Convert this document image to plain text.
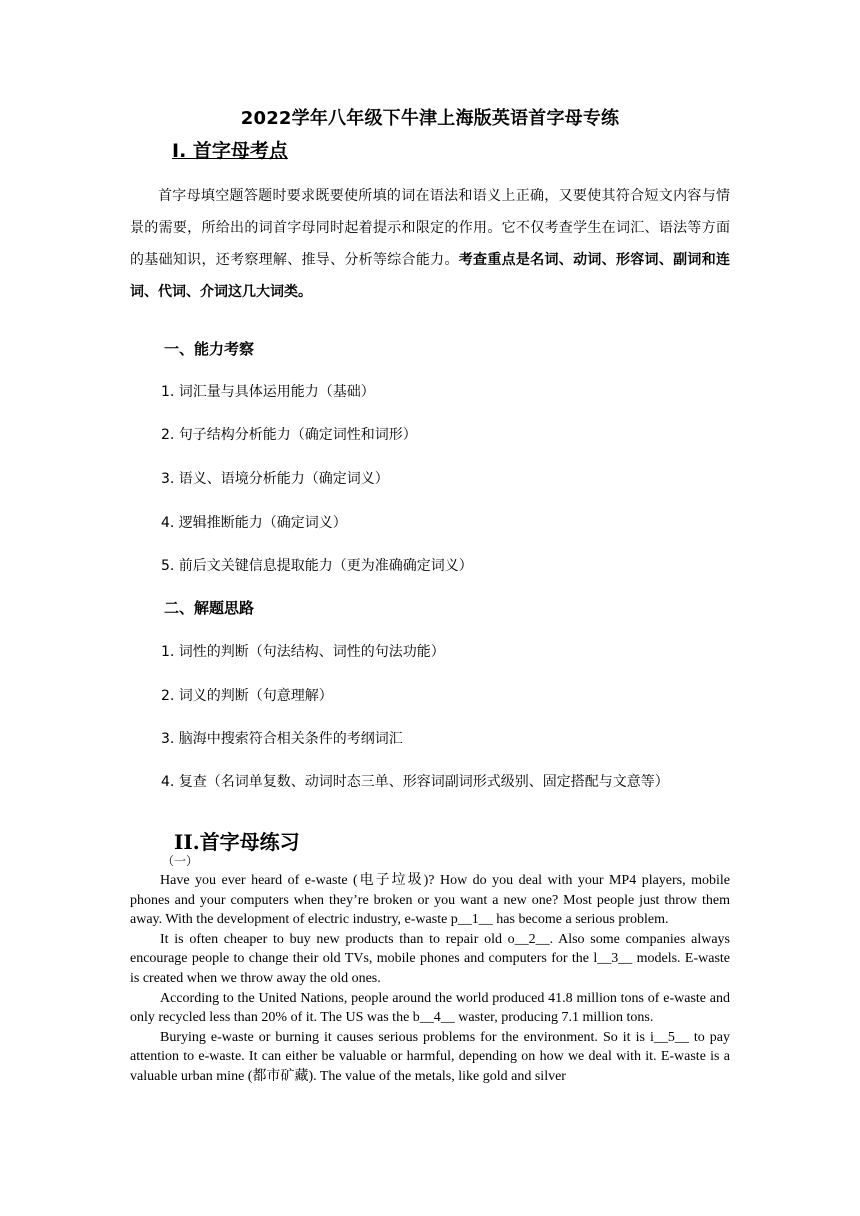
2022学年八年级下牛津上海版英语首字母专练
I. 首字母考点
首字母填空题答题时要求既要使所填的词在语法和语义上正确，又要使其符合短文内容与情景的需要，所给出的词首字母同时起着提示和限定的作用。它不仅考查学生在词汇、语法等方面的基础知识，还考察理解、推导、分析等综合能力。考查重点是名词、动词、形容词、副词和连词、代词、介词这几大词类。
一、能力考察
1. 词汇量与具体运用能力（基础）
2. 句子结构分析能力（确定词性和词形）
3. 语义、语境分析能力（确定词义）
4. 逻辑推断能力（确定词义）
5. 前后文关键信息提取能力（更为准确确定词义）
二、解题思路
1. 词性的判断（句法结构、词性的句法功能）
2. 词义的判断（句意理解）
3. 脑海中搜索符合相关条件的考纲词汇
4. 复查（名词单复数、动词时态三单、形容词副词形式级别、固定搭配与文意等）
II.首字母练习
（一）

Have you ever heard of e-waste (电子垃圾)? How do you deal with your MP4 players, mobile phones and your computers when they’re broken or you want a new one? Most people just throw them away. With the development of electric industry, e-waste p__1__ has become a serious problem.

It is often cheaper to buy new products than to repair old o__2__. Also some companies always encourage people to change their old TVs, mobile phones and computers for the l__3__ models. E-waste is created when we throw away the old ones.

According to the United Nations, people around the world produced 41.8 million tons of e-waste and only recycled less than 20% of it. The US was the b__4__ waster, producing 7.1 million tons.

Burying e-waste or burning it causes serious problems for the environment. So it is i__5__ to pay attention to e-waste. It can either be valuable or harmful, depending on how we deal with it. E-waste is a valuable urban mine (都市矿藏). The value of the metals, like gold and silver
